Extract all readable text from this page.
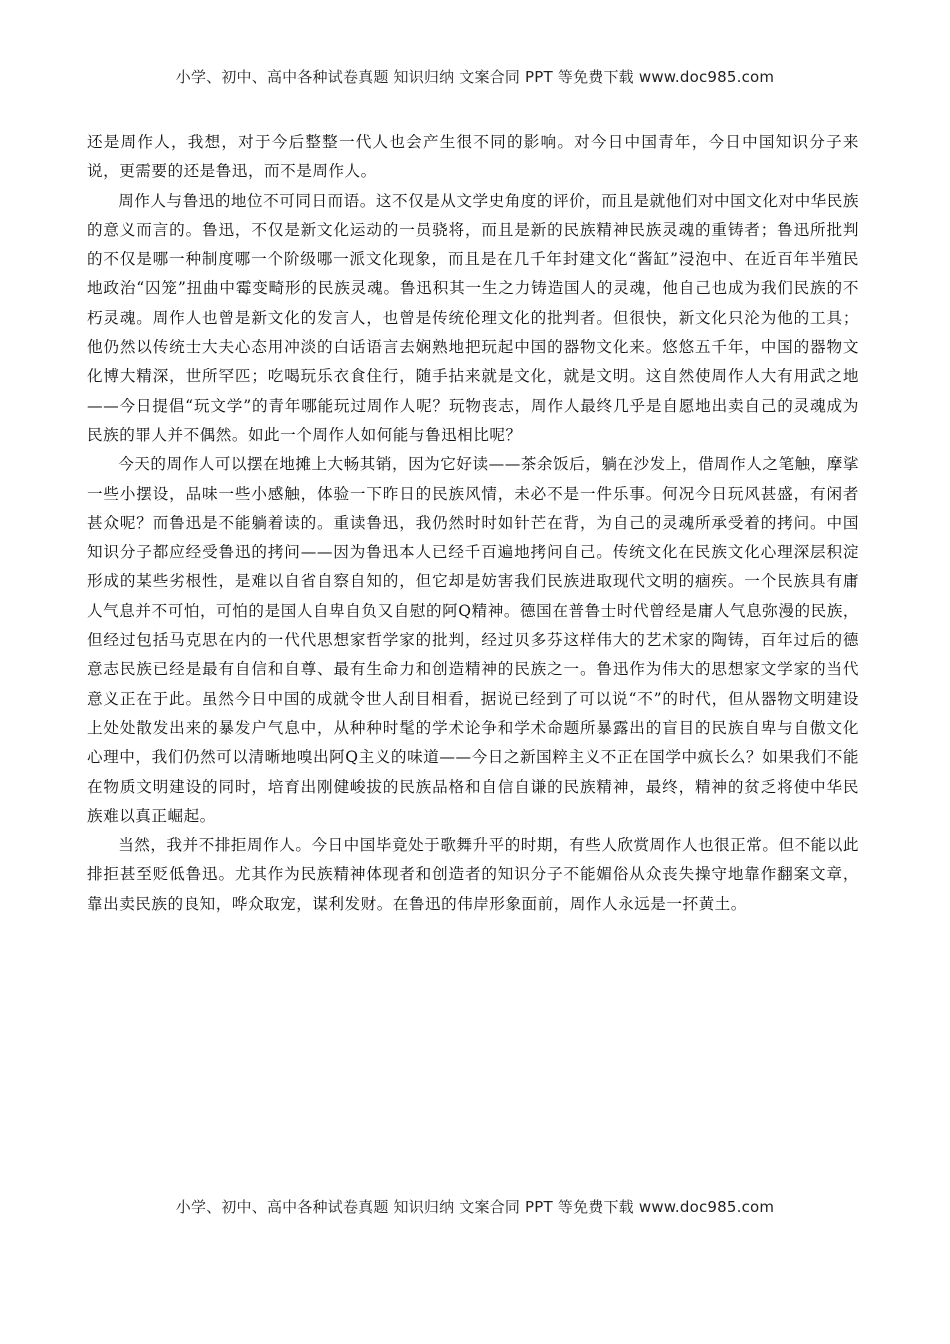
小学、初中、高中各种试卷真题 知识归纳 文案合同 PPT 等免费下载 www.doc985.com

还是周作人，我想，对于今后整整一代人也会产生很不同的影响。对今日中国青年，今日中国知识分子来说，更需要的还是鲁迅，而不是周作人。

周作人与鲁迅的地位不可同日而语。这不仅是从文学史角度的评价，而且是就他们对中国文化对中华民族的意义而言的。鲁迅，不仅是新文化运动的一员骁将，而且是新的民族精神民族灵魂的重铸者；鲁迅所批判的不仅是哪一种制度哪一个阶级哪一派文化现象，而且是在几千年封建文化“酱缸”浸泡中、在近百年半殖民地政治“囚笼”扭曲中霉变畸形的民族灵魂。鲁迅积其一生之力铸造国人的灵魂，他自己也成为我们民族的不朽灵魂。周作人也曾是新文化的发言人，也曾是传统伦理文化的批判者。但很快，新文化只沦为他的工具；他仍然以传统士大夫心态用冲淡的白话语言去娴熟地把玩起中国的器物文化来。悠悠五千年，中国的器物文化博大精深，世所罕匹；吃喝玩乐衣食住行，随手拈来就是文化，就是文明。这自然使周作人大有用武之地——今日提倡“玩文学”的青年哪能玩过周作人呢？玩物丧志，周作人最终几乎是自愿地出卖自己的灵魂成为民族的罪人并不偶然。如此一个周作人如何能与鲁迅相比呢？

今天的周作人可以摆在地摊上大畅其销，因为它好读——茶余饭后，躺在沙发上，借周作人之笔触，摩挲一些小摆设，品味一些小感触，体验一下昨日的民族风情，未必不是一件乐事。何况今日玩风甚盛，有闲者甚众呢？而鲁迅是不能躺着读的。重读鲁迅，我仍然时时如针芒在背，为自己的灵魂所承受着的拷问。中国知识分子都应经受鲁迅的拷问——因为鲁迅本人已经千百遍地拷问自己。传统文化在民族文化心理深层积淀形成的某些劣根性，是难以自省自察自知的，但它却是妨害我们民族进取现代文明的痼疾。一个民族具有庸人气息并不可怕，可怕的是国人自卑自负又自慰的阿Q精神。德国在普鲁士时代曾经是庸人气息弥漫的民族，但经过包括马克思在内的一代代思想家哲学家的批判，经过贝多芬这样伟大的艺术家的陶铸，百年过后的德意志民族已经是最有自信和自尊、最有生命力和创造精神的民族之一。鲁迅作为伟大的思想家文学家的当代意义正在于此。虽然今日中国的成就令世人刮目相看，据说已经到了可以说“不”的时代，但从器物文明建设上处处散发出来的暴发户气息中，从种种时髦的学术论争和学术命题所暴露出的盲目的民族自卑与自傲文化心理中，我们仍然可以清晰地嗅出阿Q主义的味道——今日之新国粹主义不正在国学中疯长么？如果我们不能在物质文明建设的同时，培育出刚健峻拔的民族品格和自信自谦的民族精神，最终，精神的贫乏将使中华民族难以真正崛起。

当然，我并不排拒周作人。今日中国毕竟处于歌舞升平的时期，有些人欣赏周作人也很正常。但不能以此排拒甚至贬低鲁迅。尤其作为民族精神体现者和创造者的知识分子不能媚俗从众丧失操守地靠作翻案文章，靠出卖民族的良知，哗众取宠，谋利发财。在鲁迅的伟岸形象面前，周作人永远是一抔黄土。

小学、初中、高中各种试卷真题 知识归纳 文案合同 PPT 等免费下载 www.doc985.com
